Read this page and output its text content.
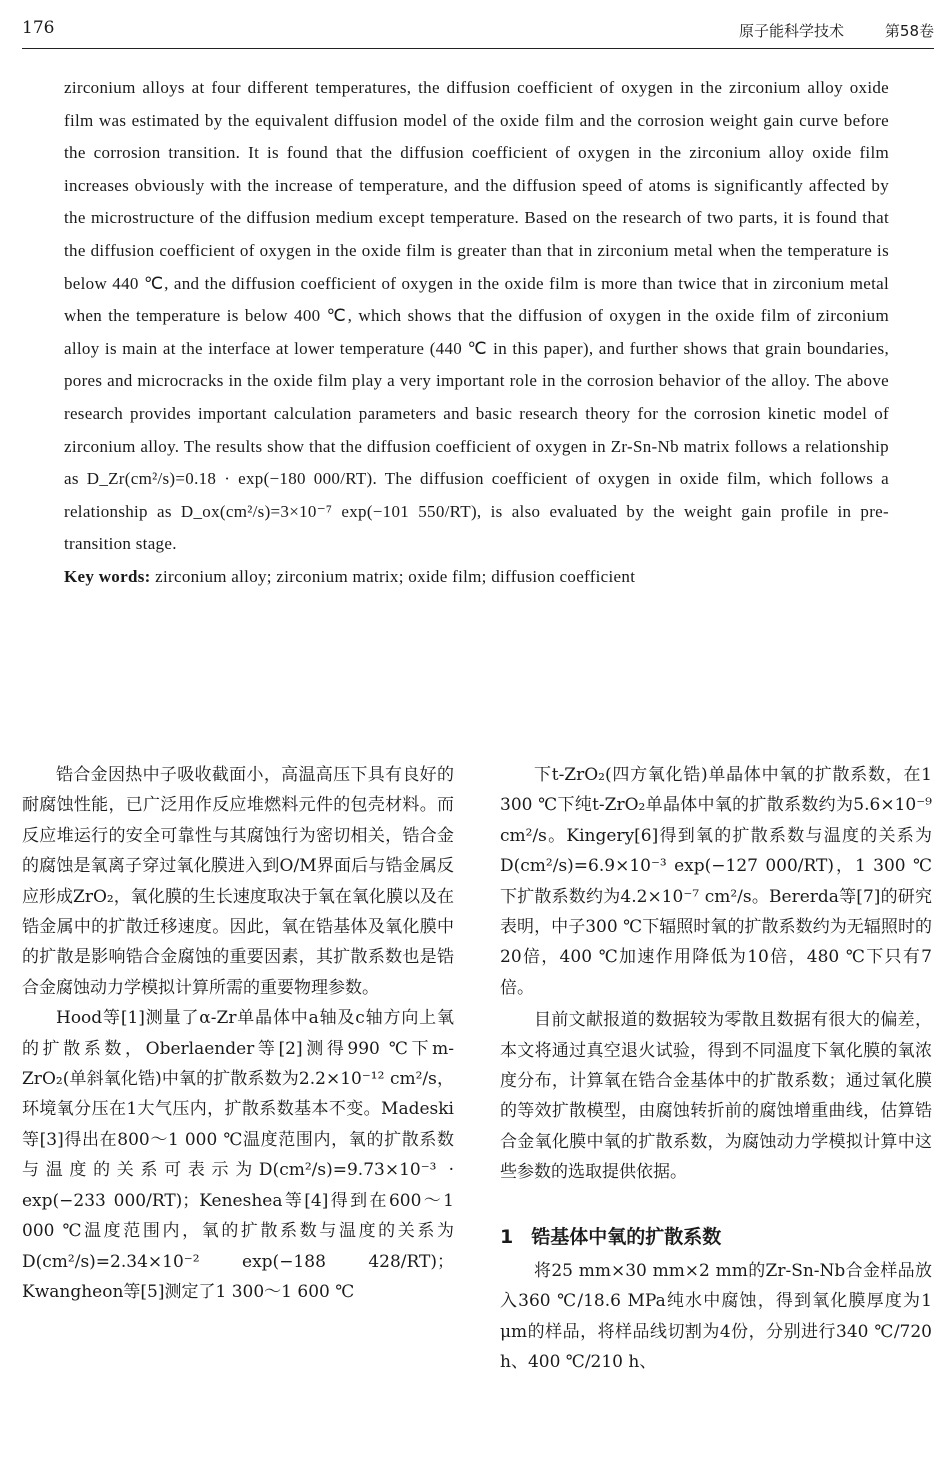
176	原子能科学技术	第58卷

zirconium alloys at four different temperatures, the diffusion coefficient of oxygen in the zirconium alloy oxide film was estimated by the equivalent diffusion model of the oxide film and the corrosion weight gain curve before the corrosion transition. It is found that the diffusion coefficient of oxygen in the zirconium alloy oxide film increases obviously with the increase of temperature, and the diffusion speed of atoms is significantly affected by the microstructure of the diffusion medium except temperature. Based on the research of two parts, it is found that the diffusion coefficient of oxygen in the oxide film is greater than that in zirconium metal when the temperature is below 440 ℃, and the diffusion coefficient of oxygen in the oxide film is more than twice that in zirconium metal when the temperature is below 400 ℃, which shows that the diffusion of oxygen in the oxide film of zirconium alloy is main at the interface at lower temperature (440 ℃ in this paper), and further shows that grain boundaries, pores and microcracks in the oxide film play a very important role in the corrosion behavior of the alloy. The above research provides important calculation parameters and basic research theory for the corrosion kinetic model of zirconium alloy. The results show that the diffusion coefficient of oxygen in Zr-Sn-Nb matrix follows a relationship as D_Zr(cm²/s)=0.18 · exp(−180 000/RT). The diffusion coefficient of oxygen in oxide film, which follows a relationship as D_ox(cm²/s)=3×10⁻⁷ exp(−101 550/RT), is also evaluated by the weight gain profile in pre-transition stage.

Key words: zirconium alloy; zirconium matrix; oxide film; diffusion coefficient

锆合金因热中子吸收截面小，高温高压下具有良好的耐腐蚀性能，已广泛用作反应堆燃料元件的包壳材料。而反应堆运行的安全可靠性与其腐蚀行为密切相关，锆合金的腐蚀是氧离子穿过氧化膜进入到O/M界面后与锆金属反应形成ZrO₂，氧化膜的生长速度取决于氧在氧化膜以及在锆金属中的扩散迁移速度。因此，氧在锆基体及氧化膜中的扩散是影响锆合金腐蚀的重要因素，其扩散系数也是锆合金腐蚀动力学模拟计算所需的重要物理参数。

Hood等[1]测量了α-Zr单晶体中a轴及c轴方向上氧的扩散系数，Oberlaender等[2]测得990 ℃下m-ZrO₂(单斜氧化锆)中氧的扩散系数为2.2×10⁻¹² cm²/s，环境氧分压在1大气压内，扩散系数基本不变。Madeski等[3]得出在800～1 000 ℃温度范围内，氧的扩散系数与温度的关系可表示为D(cm²/s)=9.73×10⁻³ · exp(−233 000/RT)；Keneshea等[4]得到在600～1 000 ℃温度范围内，氧的扩散系数与温度的关系为D(cm²/s)=2.34×10⁻² exp(−188 428/RT)；Kwangheon等[5]测定了1 300～1 600 ℃

下t-ZrO₂(四方氧化锆)单晶体中氧的扩散系数，在1 300 ℃下纯t-ZrO₂单晶体中氧的扩散系数约为5.6×10⁻⁹ cm²/s。Kingery[6]得到氧的扩散系数与温度的关系为D(cm²/s)=6.9×10⁻³ exp(−127 000/RT)，1 300 ℃下扩散系数约为4.2×10⁻⁷ cm²/s。Bererda等[7]的研究表明，中子300 ℃下辐照时氧的扩散系数约为无辐照时的20倍，400 ℃加速作用降低为10倍，480 ℃下只有7倍。

目前文献报道的数据较为零散且数据有很大的偏差，本文将通过真空退火试验，得到不同温度下氧化膜的氧浓度分布，计算氧在锆合金基体中的扩散系数；通过氧化膜的等效扩散模型，由腐蚀转折前的腐蚀增重曲线，估算锆合金氧化膜中氧的扩散系数，为腐蚀动力学模拟计算中这些参数的选取提供依据。

1 锆基体中氧的扩散系数

将25 mm×30 mm×2 mm的Zr-Sn-Nb合金样品放入360 ℃/18.6 MPa纯水中腐蚀，得到氧化膜厚度为1 μm的样品，将样品线切割为4份，分别进行340 ℃/720 h、400 ℃/210 h、
